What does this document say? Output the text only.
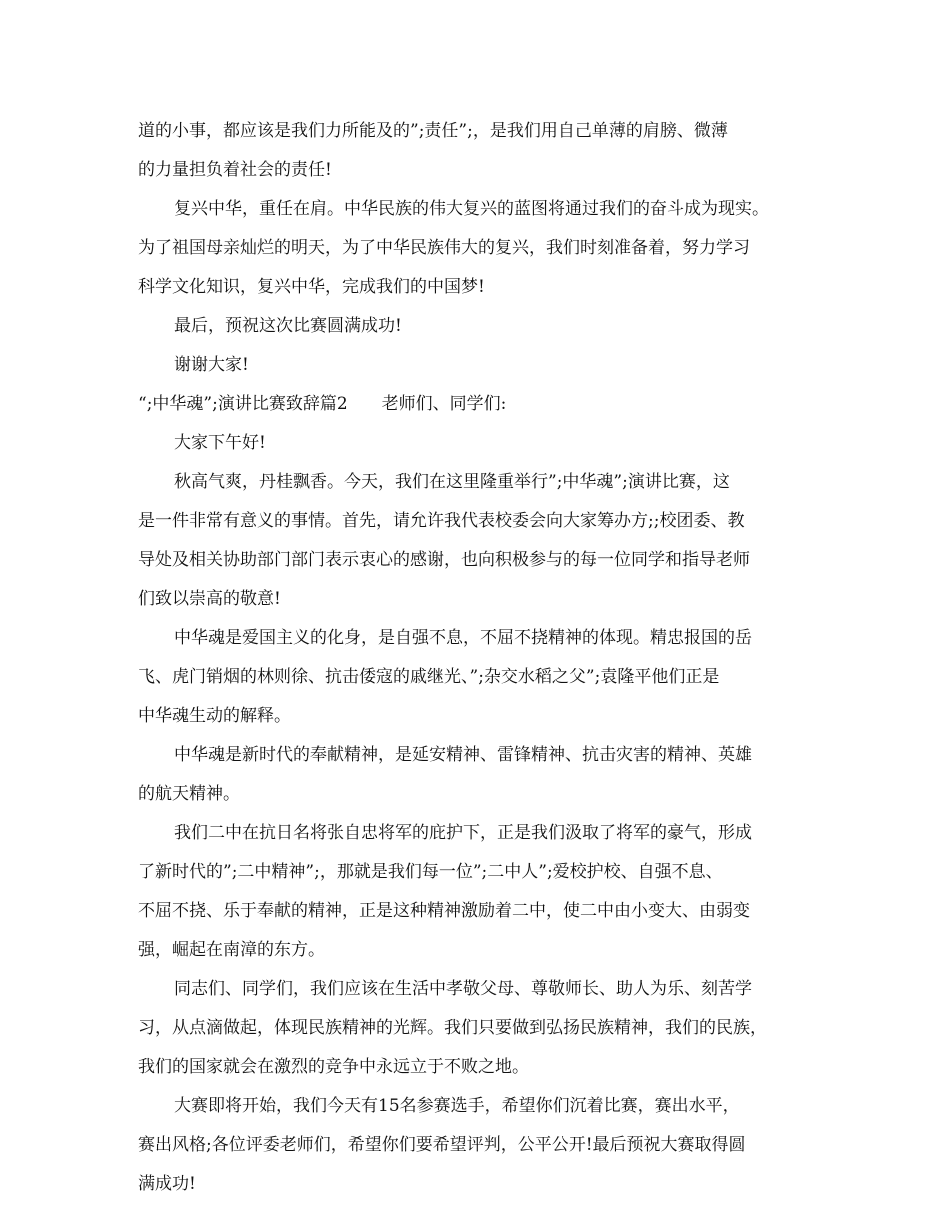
道的小事，都应该是我们力所能及的”;责任”;，是我们用自己单薄的肩膀、微薄
的力量担负着社会的责任!
复兴中华，重任在肩。中华民族的伟大复兴的蓝图将通过我们的奋斗成为现实。
为了祖国母亲灿烂的明天，为了中华民族伟大的复兴，我们时刻准备着，努力学习
科学文化知识，复兴中华，完成我们的中国梦!
最后，预祝这次比赛圆满成功!
谢谢大家!
“;中华魂”;演讲比赛致辞篇2　　老师们、同学们:
大家下午好!
秋高气爽，丹桂飘香。今天，我们在这里隆重举行”;中华魂”;演讲比赛，这
是一件非常有意义的事情。首先，请允许我代表校委会向大家筹办方;;校团委、教
导处及相关协助部门部门表示衷心的感谢，也向积极参与的每一位同学和指导老师
们致以崇高的敬意!
中华魂是爱国主义的化身，是自强不息，不屈不挠精神的体现。精忠报国的岳
飞、虎门销烟的林则徐、抗击倭寇的戚继光、”;杂交水稻之父”;袁隆平他们正是
中华魂生动的解释。
中华魂是新时代的奉献精神，是延安精神、雷锋精神、抗击灾害的精神、英雄
的航天精神。
我们二中在抗日名将张自忠将军的庇护下，正是我们汲取了将军的豪气，形成
了新时代的”;二中精神”;，那就是我们每一位”;二中人”;爱校护校、自强不息、
不屈不挠、乐于奉献的精神，正是这种精神激励着二中，使二中由小变大、由弱变
强，崛起在南漳的东方。
同志们、同学们，我们应该在生活中孝敬父母、尊敬师长、助人为乐、刻苦学
习，从点滴做起，体现民族精神的光辉。我们只要做到弘扬民族精神，我们的民族，
我们的国家就会在激烈的竞争中永远立于不败之地。
大赛即将开始，我们今天有15名参赛选手，希望你们沉着比赛，赛出水平，
赛出风格;各位评委老师们，希望你们要希望评判，公平公开!最后预祝大赛取得圆
满成功!
